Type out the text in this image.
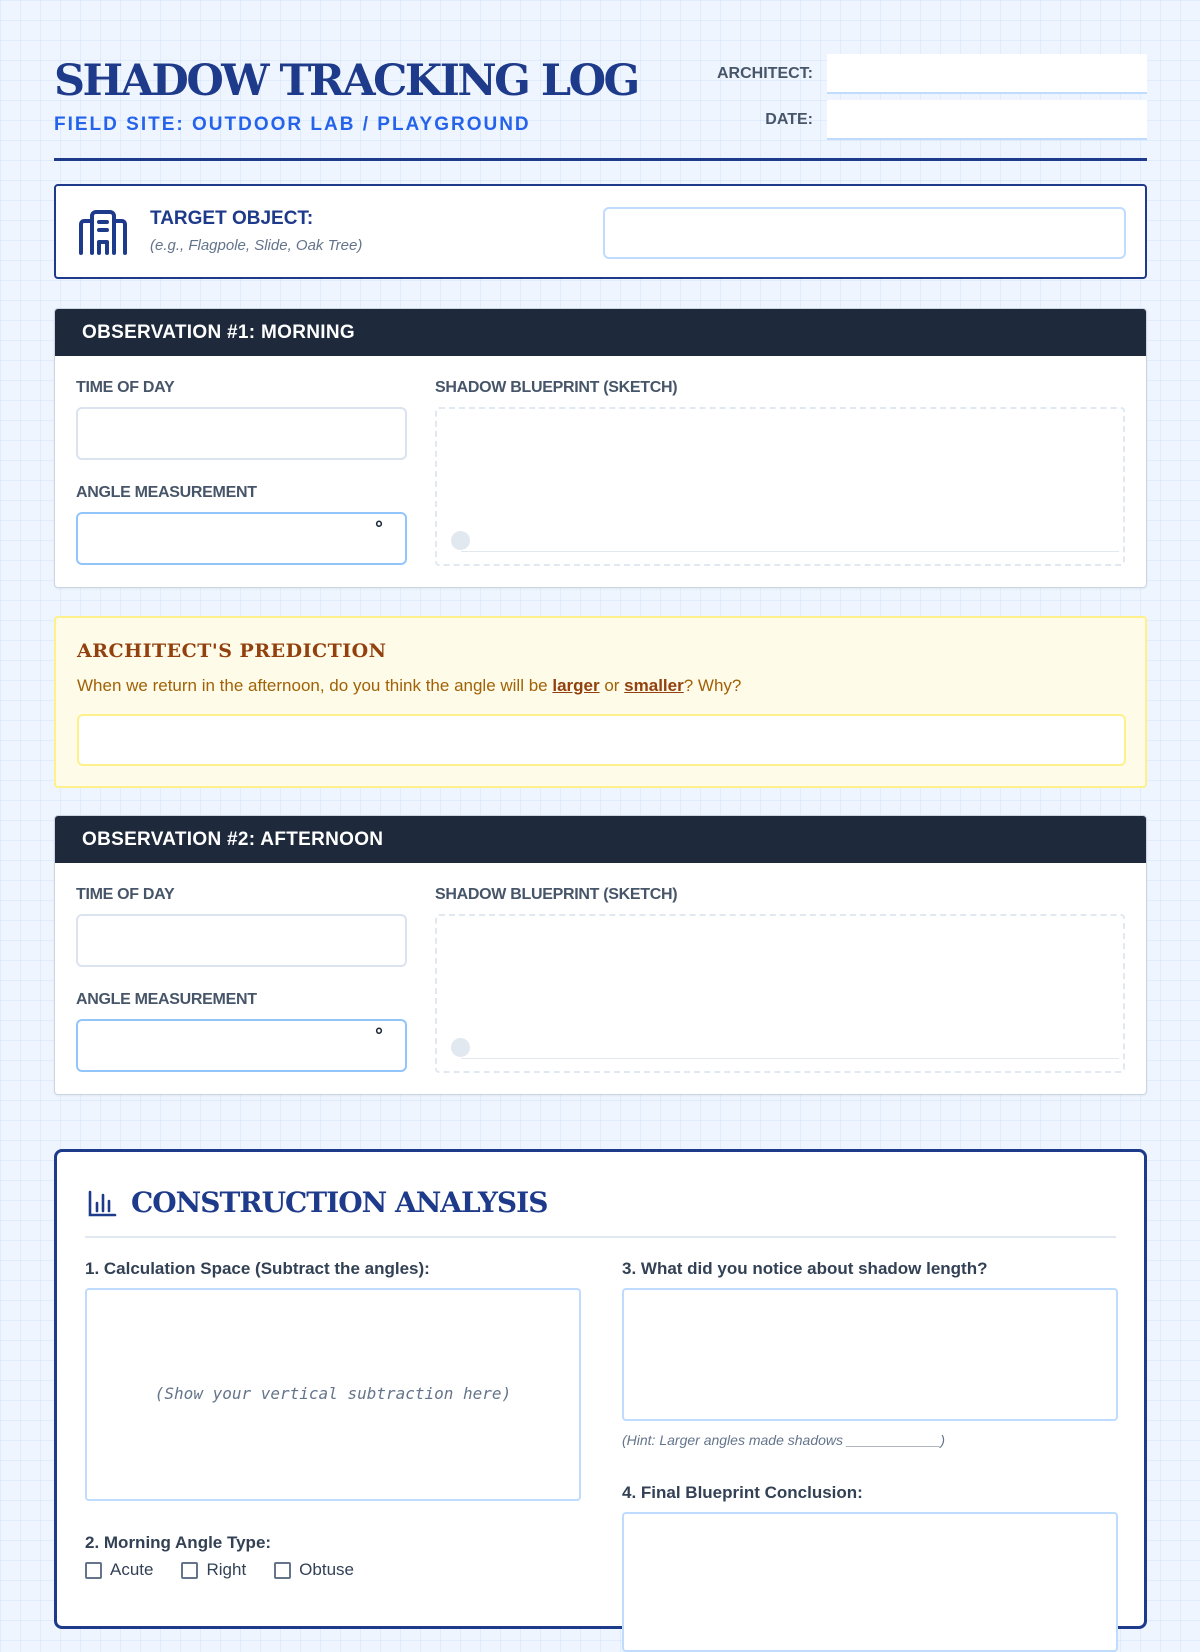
SHADOW TRACKING LOG
FIELD SITE: OUTDOOR LAB / PLAYGROUND
ARCHITECT:
DATE:
TARGET OBJECT:
(e.g., Flagpole, Slide, Oak Tree)
OBSERVATION #1: MORNING
TIME OF DAY
ANGLE MEASUREMENT
°
SHADOW BLUEPRINT (SKETCH)
ARCHITECT'S PREDICTION
When we return in the afternoon, do you think the angle will be larger or smaller? Why?
OBSERVATION #2: AFTERNOON
TIME OF DAY
ANGLE MEASUREMENT
°
SHADOW BLUEPRINT (SKETCH)
CONSTRUCTION ANALYSIS
1. Calculation Space (Subtract the angles):
(Show your vertical subtraction here)
2. Morning Angle Type:
Acute	Right	Obtuse
3. What did you notice about shadow length?
(Hint: Larger angles made shadows ____________)
4. Final Blueprint Conclusion:
